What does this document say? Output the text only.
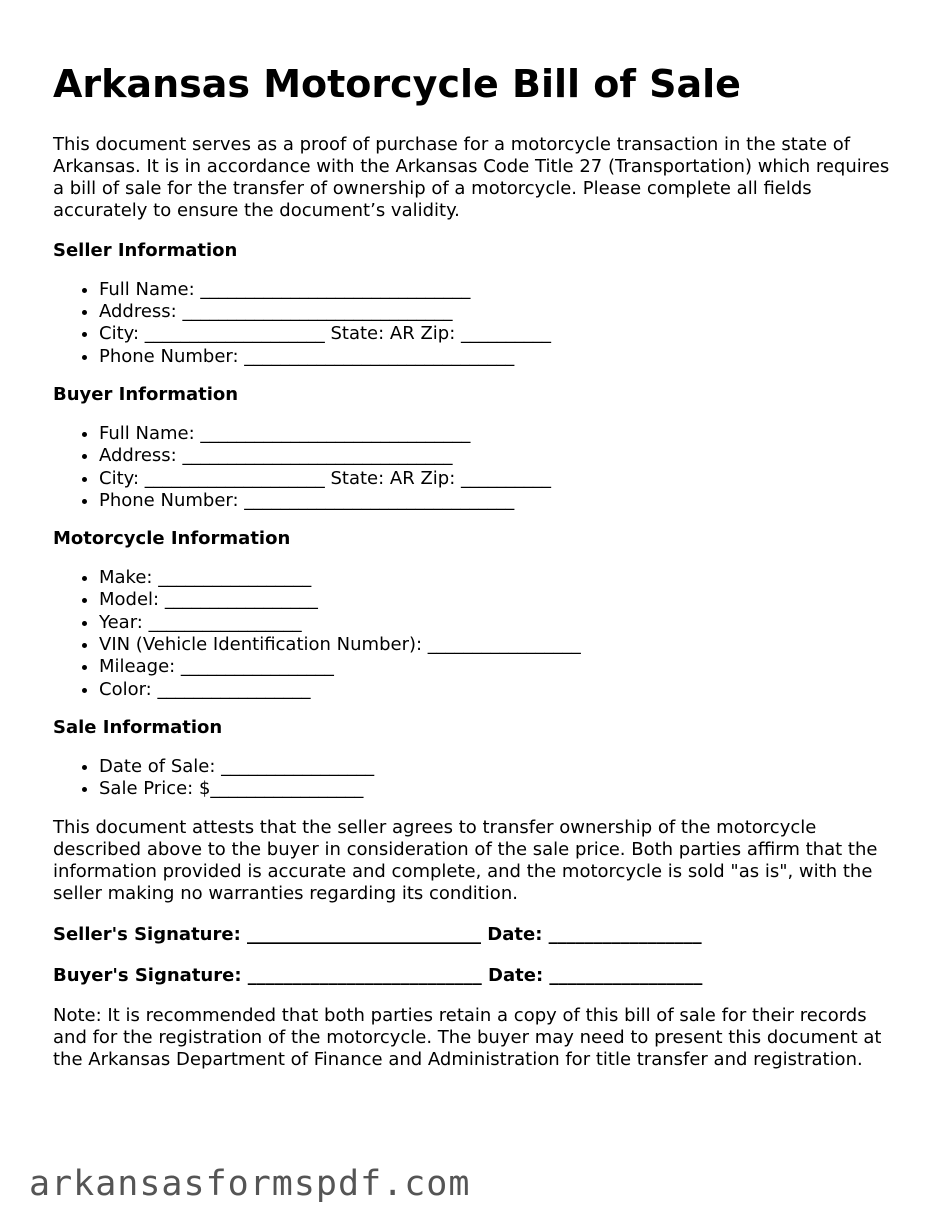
Arkansas Motorcycle Bill of Sale

This document serves as a proof of purchase for a motorcycle transaction in the state of Arkansas. It is in accordance with the Arkansas Code Title 27 (Transportation) which requires a bill of sale for the transfer of ownership of a motorcycle. Please complete all fields accurately to ensure the document’s validity.

Seller Information
• Full Name: ______________________________
• Address: ______________________________
• City: ____________________ State: AR Zip: __________
• Phone Number: ______________________________
Buyer Information
• Full Name: ______________________________
• Address: ______________________________
• City: ____________________ State: AR Zip: __________
• Phone Number: ______________________________
Motorcycle Information
• Make: _________________
• Model: _________________
• Year: _________________
• VIN (Vehicle Identification Number): _________________
• Mileage: _________________
• Color: _________________
Sale Information
• Date of Sale: _________________
• Sale Price: $_________________

This document attests that the seller agrees to transfer ownership of the motorcycle described above to the buyer in consideration of the sale price. Both parties affirm that the information provided is accurate and complete, and the motorcycle is sold "as is", with the seller making no warranties regarding its condition.

Seller's Signature: __________________________ Date: _________________
Buyer's Signature: __________________________ Date: _________________

Note: It is recommended that both parties retain a copy of this bill of sale for their records and for the registration of the motorcycle. The buyer may need to present this document at the Arkansas Department of Finance and Administration for title transfer and registration.

arkansasformspdf.com
